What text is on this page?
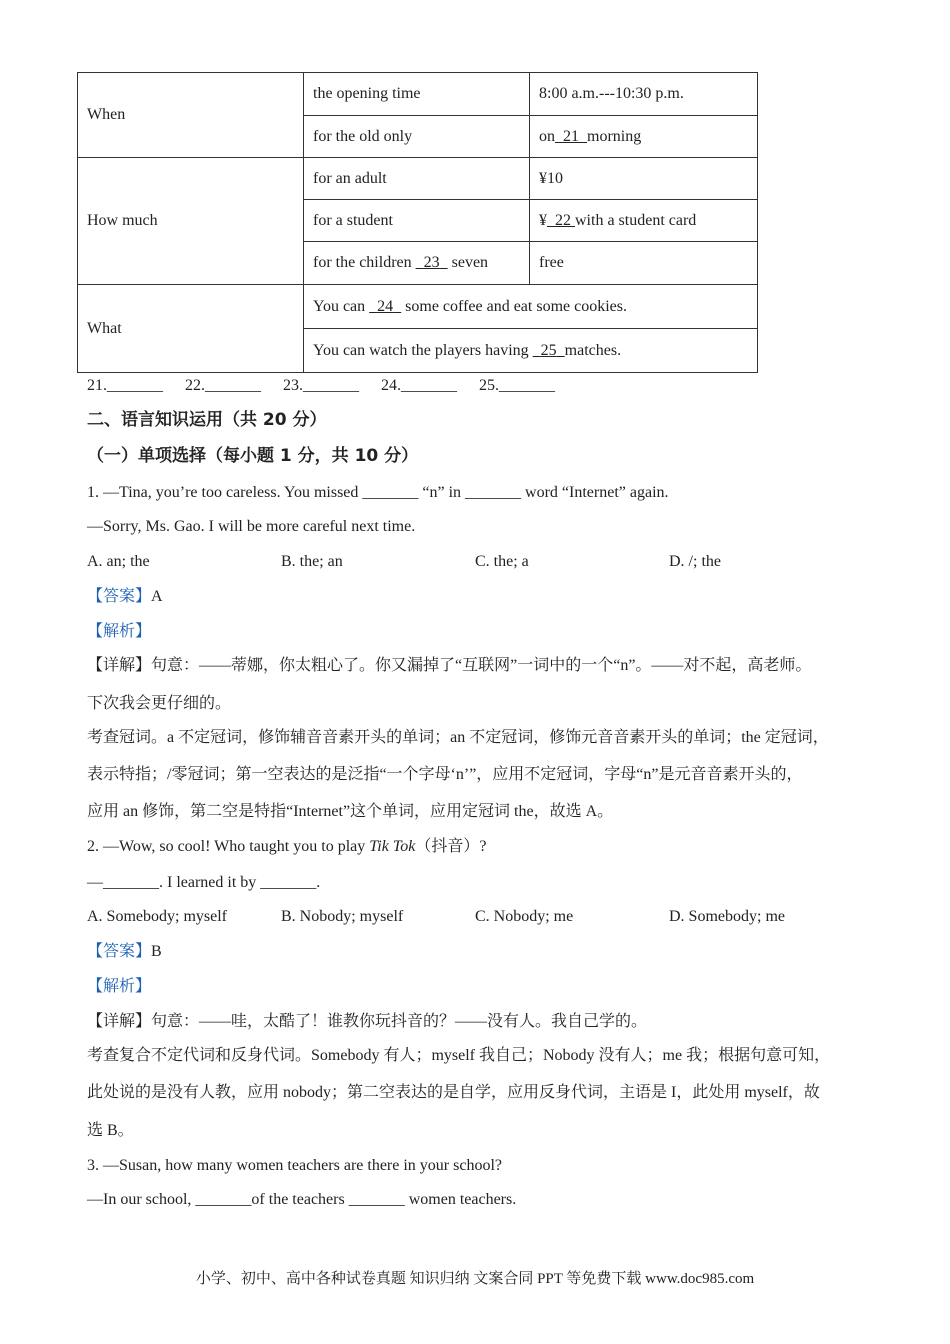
When	the opening time	8:00 a.m.---10:30 p.m.
	for the old only	on 21 morning
How much	for an adult	¥10
	for a student	¥ 22 with a student card
	for the children 23 seven	free
What	You can 24 some coffee and eat some cookies.	
	You can watch the players having 25 matches.	
21._______ 22._______ 23._______ 24._______ 25._______
二、语言知识运用（共 20 分）
（一）单项选择（每小题 1 分，共 10 分）
1. —Tina, you’re too careless. You missed _______ “n” in _______ word “Internet” again.
—Sorry, Ms. Gao. I will be more careful next time.
A. an; the	B. the; an	C. the; a	D. /; the
【答案】A
【解析】
【详解】句意：——蒂娜，你太粗心了。你又漏掉了“互联网”一词中的一个“n”。——对不起，高老师。
下次我会更仔细的。
考查冠词。a 不定冠词，修饰辅音音素开头的单词；an 不定冠词，修饰元音音素开头的单词；the 定冠词，
表示特指；/零冠词；第一空表达的是泛指“一个字母‘n’”，应用不定冠词，字母“n”是元音音素开头的，
应用 an 修饰，第二空是特指“Internet”这个单词，应用定冠词 the，故选 A。
2. —Wow, so cool! Who taught you to play Tik Tok（抖音）?
—_______. I learned it by _______.
A. Somebody; myself	B. Nobody; myself	C. Nobody; me	D. Somebody; me
【答案】B
【解析】
【详解】句意：——哇，太酷了！谁教你玩抖音的？——没有人。我自己学的。
考查复合不定代词和反身代词。Somebody 有人；myself 我自己；Nobody 没有人；me 我；根据句意可知，
此处说的是没有人教，应用 nobody；第二空表达的是自学，应用反身代词，主语是 I，此处用 myself，故
选 B。
3. —Susan, how many women teachers are there in your school?
—In our school, _______of the teachers _______ women teachers.
小学、初中、高中各种试卷真题 知识归纳 文案合同 PPT 等免费下载 www.doc985.com
